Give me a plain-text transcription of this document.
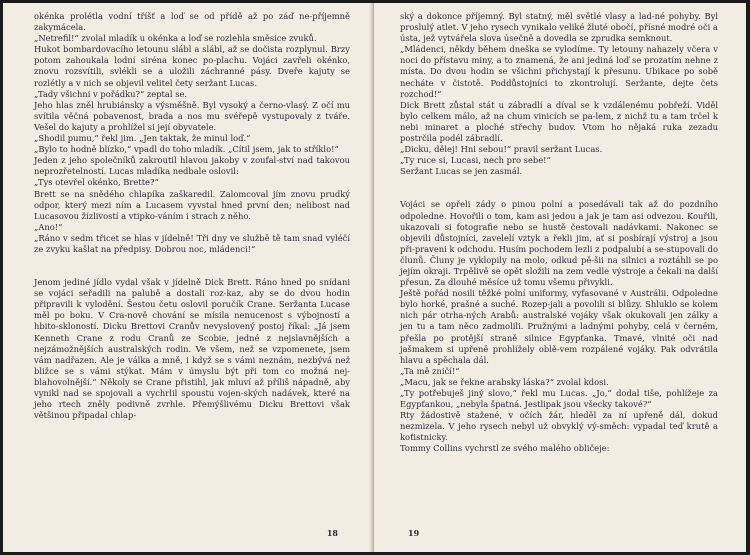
okénka prolétla vodní tříšť a loď se od přídě až po záď ne-příjemně zakymácela.

„Netrefil!“ zvolal mladík u okénka a loď se rozlehla směsice zvuků.

Hukot bombardovacího letounu slábl a slábl, až se dočista rozplynul. Brzy potom zahoukala lodní siréna konec po-plachu. Vojáci zavřeli okénko, znovu rozsvítili, svlékli se a uložili záchranné pásy. Dveře kajuty se rozlétly a v nich se objevil velitel čety seržant Lucas.

„Tady všichni v pořádku?“ zeptal se.

Jeho hlas zněl hrubiánsky a výsměšně. Byl vysoký a černo-vlasý. Z očí mu svítila věčná pobavenost, brada a nos mu svéřepě vystupovaly z tváře. Vešel do kajuty a prohlížel si její obyvatele.

„Shodil pumu,“ řekl jim. „Jen taktak, že minul loď.“

„Bylo to hodně blízko,“ vpadl do toho mladík. „Cítil jsem, jak to stříklo!“

Jeden z jeho společníků zakroutil hlavou jakoby v zoufal-ství nad takovou neprozřetelností. Lucas mladíka nedbale oslovil:

„Tys otevřel okénko, Brette?“

Brett se na snědého chlapíka zaškaredil. Zalomcoval jím znovu prudký odpor, který mezi ním a Lucasem vyvstal hned první den; nelibost nad Lucasovou žízlivostí a vtipko-váním i strach z něho.

„Ano!“

„Ráno v sedm třicet se hlas v jídelně! Tři dny ve službě tě tam snad vyléčí ze zvyku kašlat na předpisy. Dobrou noc, mládenci!“

Jenom jediné jídlo vydal však v jídelně Dick Brett. Ráno hned po snídani se vojáci seřadili na palubě a dostali roz-kaz, aby se do dvou hodin připravili k vylodění. Šestou četu oslovil poručík Crane. Seržanta Lucase měl po boku. V Cra-nově chování se mísila nenucenost s výbojností a hbito-skloností. Dicku Brettovi Cranův nevyslovený postoj říkal: „Já jsem Kenneth Crane z rodu Cranů ze Scobie, jedné z nejslavnějších a nejzámožnějších australských rodin. Ve všem, než se vzpomenete, jsem vám nadřazen. Ale je válka a mně, i když se s vámi neznám, nezbývá než bližce se s vámi stýkat. Mám v úmyslu být při tom co možná nej-blahovolnější.“ Několy se Crane přistihl, jak mluví až příliš nápadně, aby vynikl nad se spojovali a vychrlil spoustu vojen-ských nadávek, které na jeho rtech zněly podivně zvrhle. Přemýšlivému Dicku Brettovi však většinou připadal chlap-

18

ský a dokonce příjemný. Byl statný, měl světlé vlasy a lad-né pohyby. Byl proslulý atlet. V jeho rysech vynikalo veliké žluté obočí, přísné modré oči a ústa, jež vytvářela slova úsečně a dovedla se zprudka semknout.

„Mládenci, někdy během dneška se vylodíme. Ty letouny nahazely včera v noci do přístavu miny, a to znamená, že ani jediná loď se prozatím nehne z místa. Do dvou hodin se všichni přichystají k přesunu. Ubikace po sobě necháte v čistotě. Poddůstojníci to zkontrolují. Seržante, dejte čets rozchod!“

Dick Brett zůstal stát u zábradlí a díval se k vzdálenému pobřeží. Viděl bylo celkem málo, až na chum vinicích se pa-lem, z nichž tu a tam trčel k nebi minaret a ploché střechy budov. Vtom ho nějaká ruka zezadu postrčila podél zábradlí.

„Dicku, dělej! Hni sebou!“ pravil seržant Lucas.

„Ty ruce si, Lucasi, nech pro sebe!“

Seržant Lucas se jen zasmál.

Vojáci se opřeli zády o pinou polní a posedávali tak až do pozdního odpoledne. Hovořili o tom, kam asi jedou a jak je tam asi odvezou. Kouřili, ukazovali si fotografie nebo se hustě čestovali nadávkami. Nakonec se objevili důstojníci, zavelelí vztyk a řekli jim, ať si posbírají výstroj a jsou při-praveni k odchodu. Husím pochodem lezli z podpalubí a se-stupovali do člunů. Čluny je vyklopily na molo, odkud pě-šii na silnici a roztáhli se po jejím okraji. Trpělivě se opět složili na zem vedle výstroje a čekali na další přesun. Za dlouhé měsíce už tomu všemu přivykli.

Ještě pořád nosili těžké polní uniformy, vyfasované v Austrálii. Odpoledne bylo horké, prašné a suché. Rozep-jali a povolili si blůzy. Shluklo se kolem nich pár otrha-ných Arabů: australské vojáky však okukovali jen zálky a jen tu a tam něco zadmolili. Pružnými a ladnými pohyby, celá v černém, přešla po protější straně silnice Egypťanka. Tmavé, vlnité oči nad jašmakem si upřeně prohlížely oblě-vem rozpálené vojáky. Pak odvrátila hlavu a spěchala dál.

„Ta mě zničí!“

„Macu, jak se řekne arabsky láska?“ zvolal kdosi.

„Ty potřebuješ jiný slovo,“ řekl mu Lucas. „Jo,“ dodal tiše, pohlížeje za Egypťankou, „nebyla špatná. Jestlipak jsou všecky takové?“

Rty žádostivě stažené, v očích žár, hleděl za ní upřeně dál, dokud nezmizela. V jeho rysech nebyl už obvyklý vý-směch: vypadal teď krutě a koťistnicky.

Tommy Collins vychrstl ze svého malého obličeje:

19
